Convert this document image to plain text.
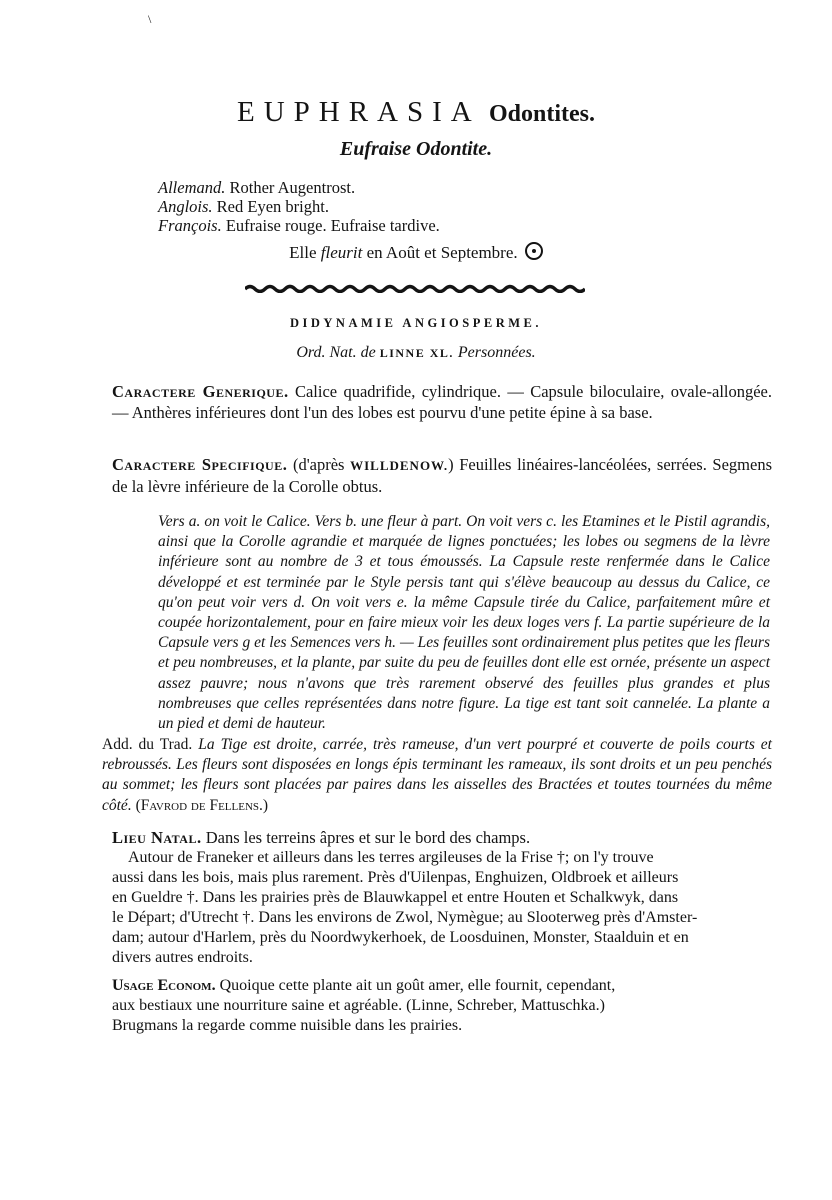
\
EUPHRASIA Odontites.
Eufraise Odontite.
Allemand. Rother Augentrost.
Anglois. Red Eyen bright.
François. Eufraise rouge. Eufraise tardive.
Elle fleurit en Août et Septembre.
DIDYNAMIE ANGIOSPERME.
Ord. Nat. de LINNE XL. Personnées.
Caractere Generique. Calice quadrifide, cylindrique. — Capsule biloculaire, ovale-allongée. — Anthères inférieures dont l'un des lobes est pourvu d'une petite épine à sa base.
Caractere Specifique. (d'après WILLDENOW.) Feuilles linéaires-lancéolées, serrées. Segmens de la lèvre inférieure de la Corolle obtus.
Vers a. on voit le Calice. Vers b. une fleur à part. On voit vers c. les Etamines et le Pistil agrandis, ainsi que la Corolle agrandie et marquée de lignes ponctuées; les lobes ou segmens de la lèvre inférieure sont au nombre de 3 et tous émoussés. La Capsule reste renfermée dans le Calice développé et est terminée par le Style persis tant qui s'élève beaucoup au dessus du Calice, ce qu'on peut voir vers d. On voit vers e. la même Capsule tirée du Calice, parfaitement mûre et coupée horizontalement, pour en faire mieux voir les deux loges vers f. La partie supérieure de la Capsule vers g et les Semences vers h. — Les feuilles sont ordinairement plus petites que les fleurs et peu nombreuses, et la plante, par suite du peu de feuilles dont elle est ornée, présente un aspect assez pauvre; nous n'avons que très rarement observé des feuilles plus grandes et plus nombreuses que celles représentées dans notre figure. La tige est tant soit cannelée. La plante a un pied et demi de hauteur.
Add. du Trad. La Tige est droite, carrée, très rameuse, d'un vert pourpré et couverte de poils courts et rebroussés. Les fleurs sont disposées en longs épis terminant les rameaux, ils sont droits et un peu penchés au sommet; les fleurs sont placées par paires dans les aisselles des Bractées et toutes tournées du même côté. (Favrod de Fellens.)
Lieu Natal. Dans les terreins âpres et sur le bord des champs.
Autour de Franeker et ailleurs dans les terres argileuses de la Frise †; on l'y trouve
aussi dans les bois, mais plus rarement. Près d'Uilenpas, Enghuizen, Oldbroek et ailleurs
en Gueldre †. Dans les prairies près de Blauwkappel et entre Houten et Schalkwyk, dans
le Départ; d'Utrecht †. Dans les environs de Zwol, Nymègue; au Slooterweg près d'Amster-
dam; autour d'Harlem, près du Noordwykerhoek, de Loosduinen, Monster, Staalduin et en
divers autres endroits.
Usage Econom. Quoique cette plante ait un goût amer, elle fournit, cependant,
aux bestiaux une nourriture saine et agréable. (Linne, Schreber, Mattuschka.)
Brugmans la regarde comme nuisible dans les prairies.
